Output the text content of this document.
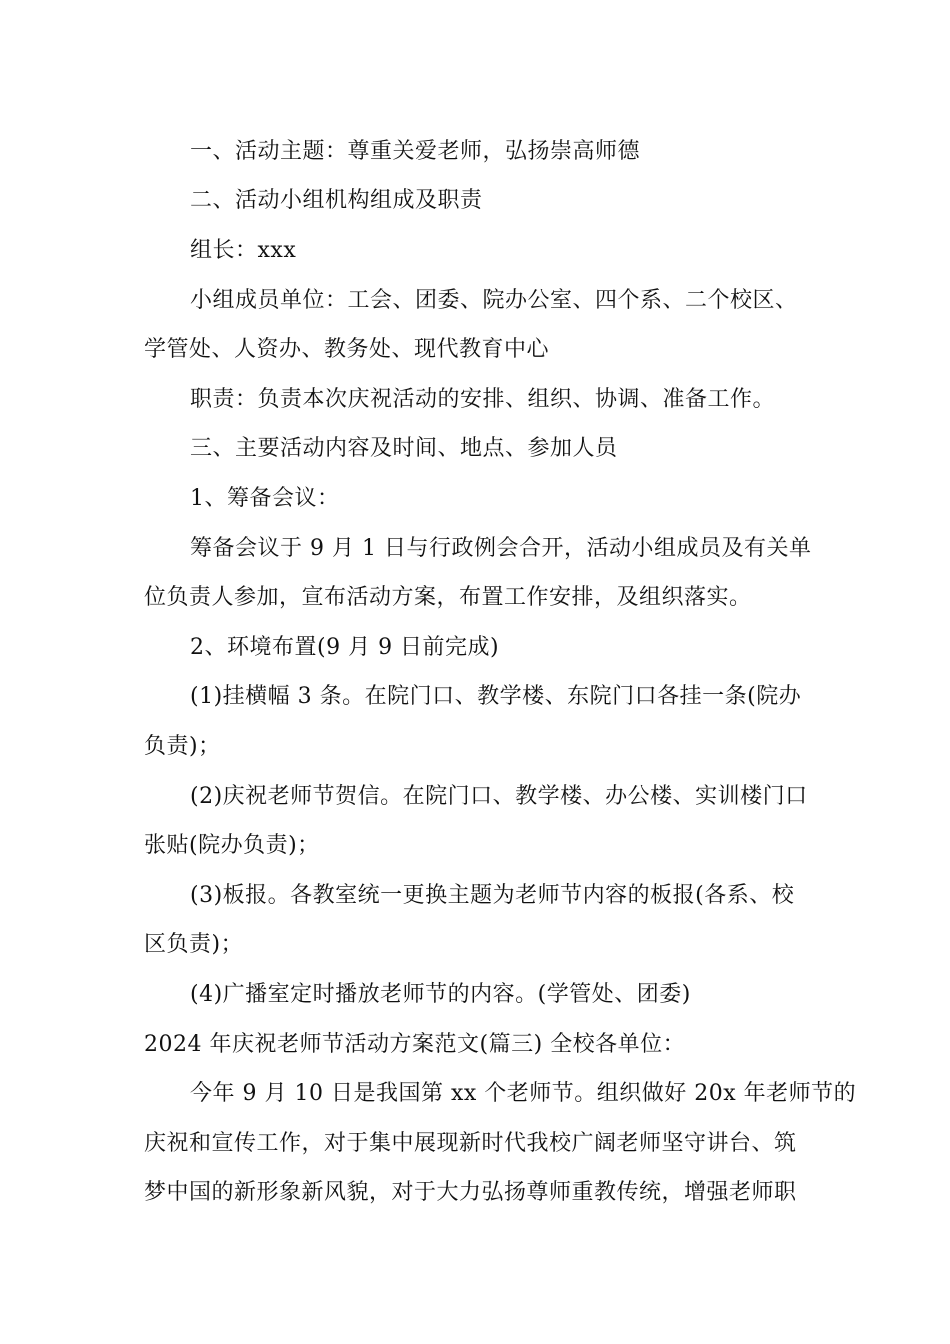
一、活动主题：尊重关爱老师，弘扬崇高师德
二、活动小组机构组成及职责
组长：xxx
小组成员单位：工会、团委、院办公室、四个系、二个校区、
学管处、人资办、教务处、现代教育中心
职责：负责本次庆祝活动的安排、组织、协调、准备工作。
三、主要活动内容及时间、地点、参加人员
1、筹备会议：
筹备会议于 9 月 1 日与行政例会合开，活动小组成员及有关单
位负责人参加，宣布活动方案，布置工作安排，及组织落实。
2、环境布置(9 月 9 日前完成)
(1)挂横幅 3 条。在院门口、教学楼、东院门口各挂一条(院办
负责)；
(2)庆祝老师节贺信。在院门口、教学楼、办公楼、实训楼门口
张贴(院办负责)；
(3)板报。各教室统一更换主题为老师节内容的板报(各系、校
区负责)；
(4)广播室定时播放老师节的内容。(学管处、团委)
2024 年庆祝老师节活动方案范文(篇三) 全校各单位：
今年 9 月 10 日是我国第 xx 个老师节。组织做好 20x 年老师节的
庆祝和宣传工作，对于集中展现新时代我校广阔老师坚守讲台、筑
梦中国的新形象新风貌，对于大力弘扬尊师重教传统，增强老师职
